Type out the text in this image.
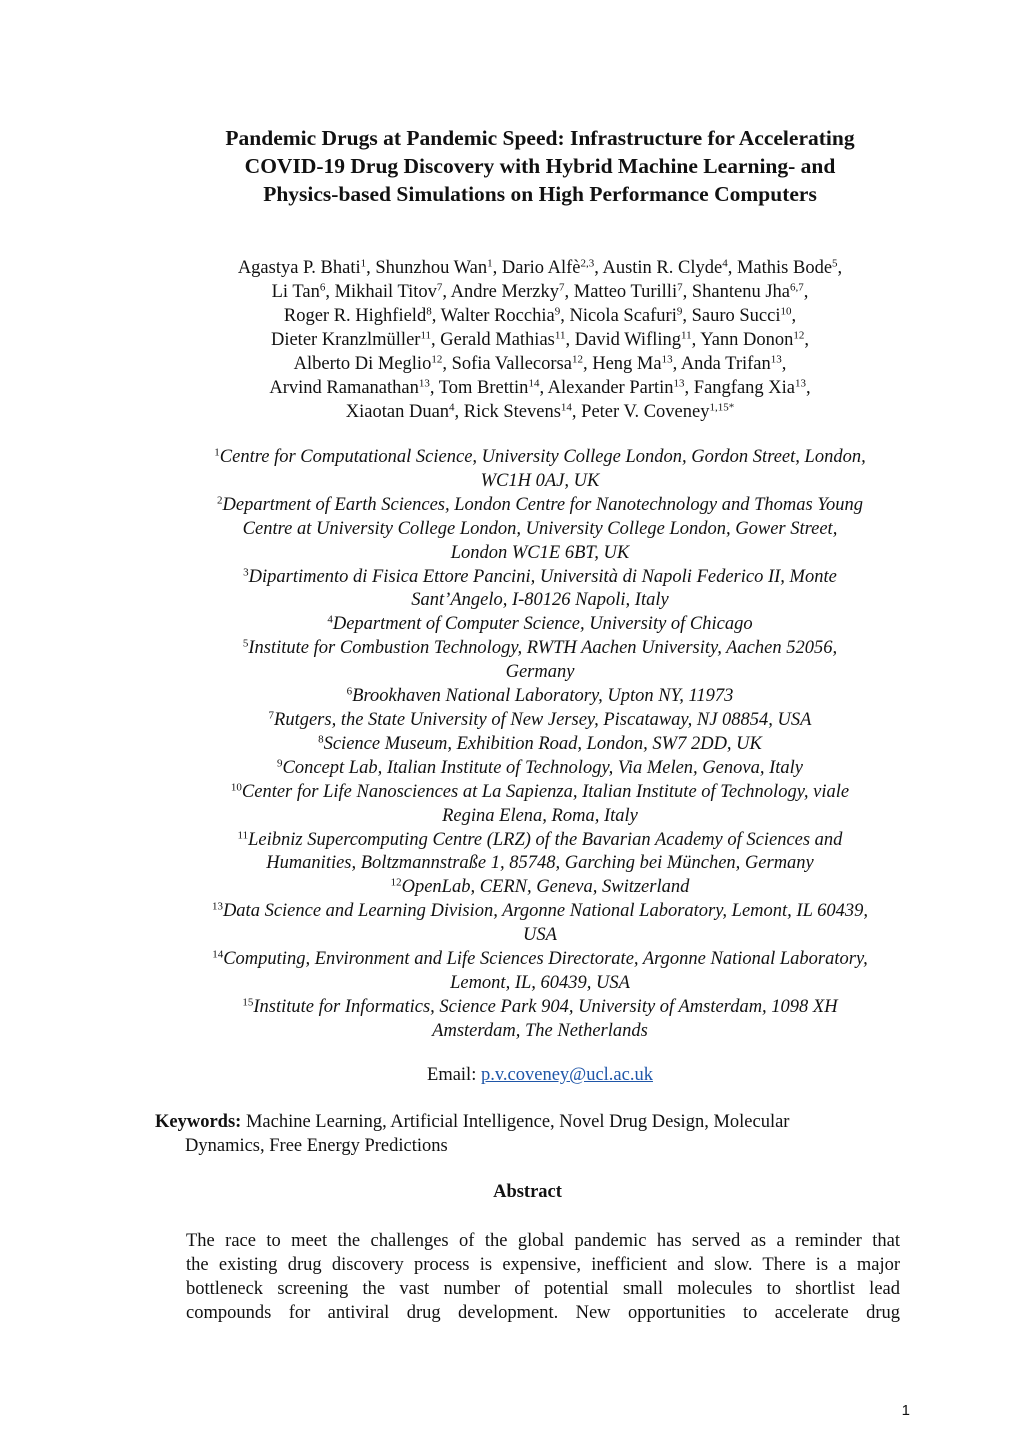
Pandemic Drugs at Pandemic Speed: Infrastructure for Accelerating
COVID-19 Drug Discovery with Hybrid Machine Learning- and
Physics-based Simulations on High Performance Computers
Agastya P. Bhati$^1$, Shunzhou Wan$^1$, Dario Alfè$^{2,3}$, Austin R. Clyde$^4$, Mathis Bode$^5$,
Li Tan$^6$, Mikhail Titov$^7$, Andre Merzky$^7$, Matteo Turilli$^7$, Shantenu Jha$^{6,7}$,
Roger R. Highfield$^8$, Walter Rocchia$^9$, Nicola Scafuri$^9$, Sauro Succi$^{10}$,
Dieter Kranzlmüller$^{11}$, Gerald Mathias$^{11}$, David Wifling$^{11}$, Yann Donon$^{12}$,
Alberto Di Meglio$^{12}$, Sofia Vallecorsa$^{12}$, Heng Ma$^{13}$, Anda Trifan$^{13}$,
Arvind Ramanathan$^{13}$, Tom Brettin$^{14}$, Alexander Partin$^{13}$, Fangfang Xia$^{13}$,
Xiaotan Duan$^4$, Rick Stevens$^{14}$, Peter V. Coveney$^{1,15*}$
$^1$Centre for Computational Science, University College London, Gordon Street, London,
WC1H 0AJ, UK
$^2$Department of Earth Sciences, London Centre for Nanotechnology and Thomas Young
Centre at University College London, University College London, Gower Street,
London WC1E 6BT, UK
$^3$Dipartimento di Fisica Ettore Pancini, Università di Napoli Federico II, Monte
Sant’Angelo, I-80126 Napoli, Italy
$^4$Department of Computer Science, University of Chicago
$^5$Institute for Combustion Technology, RWTH Aachen University, Aachen 52056,
Germany
$^6$Brookhaven National Laboratory, Upton NY, 11973
$^7$Rutgers, the State University of New Jersey, Piscataway, NJ 08854, USA
$^8$Science Museum, Exhibition Road, London, SW7 2DD, UK
$^9$Concept Lab, Italian Institute of Technology, Via Melen, Genova, Italy
$^{10}$Center for Life Nanosciences at La Sapienza, Italian Institute of Technology, viale
Regina Elena, Roma, Italy
$^{11}$Leibniz Supercomputing Centre (LRZ) of the Bavarian Academy of Sciences and
Humanities, Boltzmannstraße 1, 85748, Garching bei München, Germany
$^{12}$OpenLab, CERN, Geneva, Switzerland
$^{13}$Data Science and Learning Division, Argonne National Laboratory, Lemont, IL 60439,
USA
$^{14}$Computing, Environment and Life Sciences Directorate, Argonne National Laboratory,
Lemont, IL, 60439, USA
$^{15}$Institute for Informatics, Science Park 904, University of Amsterdam, 1098 XH
Amsterdam, The Netherlands
Email: p.v.coveney@ucl.ac.uk
Keywords: Machine Learning, Artificial Intelligence, Novel Drug Design, Molecular
Dynamics, Free Energy Predictions
Abstract
The race to meet the challenges of the global pandemic has served as a reminder that
the existing drug discovery process is expensive, inefficient and slow. There is a major
bottleneck screening the vast number of potential small molecules to shortlist lead
compounds for antiviral drug development. New opportunities to accelerate drug
1
